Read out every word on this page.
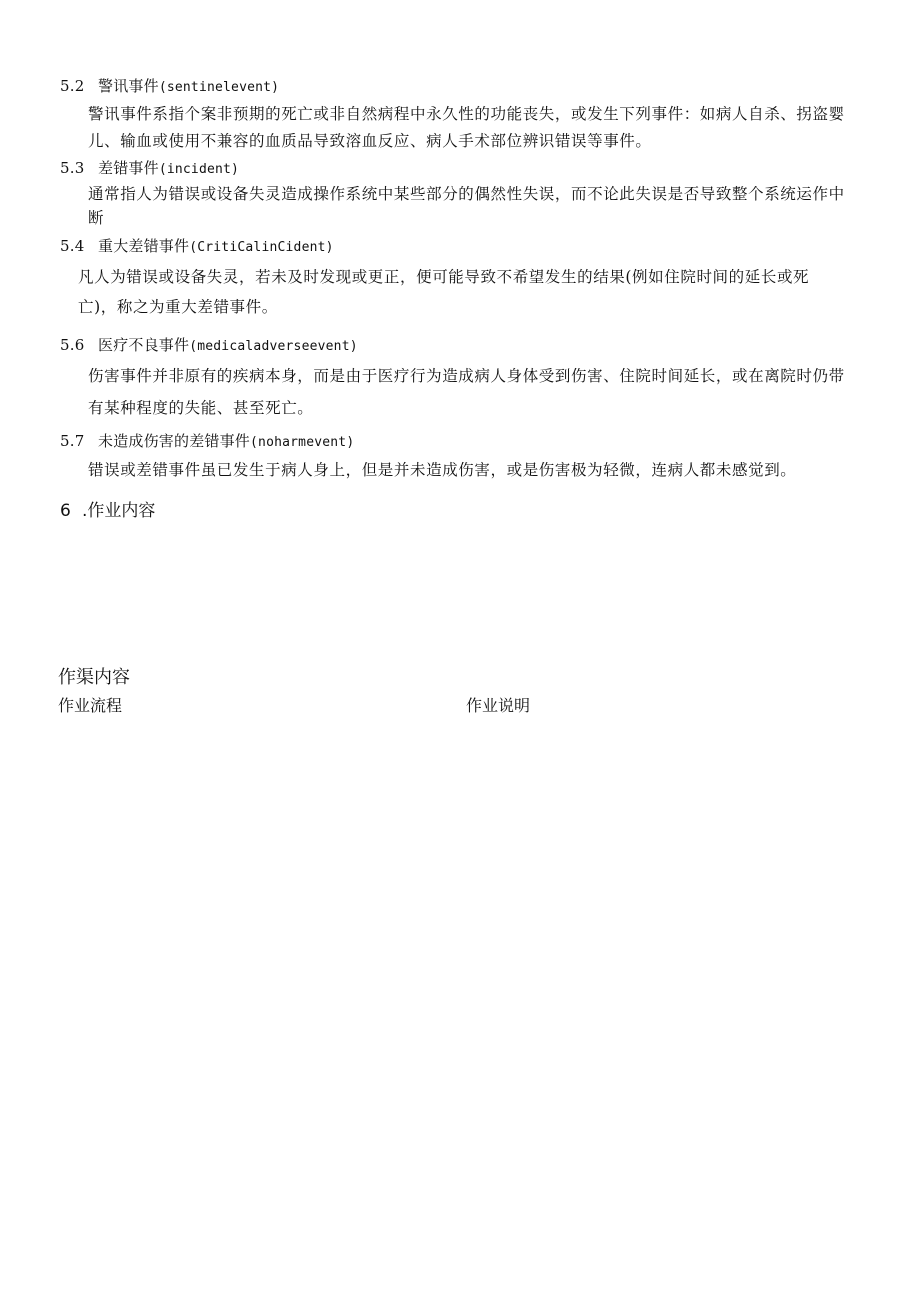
5.2 警讯事件(sentinelevent)
警讯事件系指个案非预期的死亡或非自然病程中永久性的功能丧失，或发生下列事件：如病人自杀、拐盗婴
儿、输血或使用不兼容的血质品导致溶血反应、病人手术部位辨识错误等事件。
5.3 差错事件(incident)
通常指人为错误或设备失灵造成操作系统中某些部分的偶然性失误，而不论此失误是否导致整个系统运作中
断
5.4 重大差错事件(CritiCalinCident)
凡人为错误或设备失灵，若未及时发现或更正，便可能导致不希望发生的结果(例如住院时间的延长或死
亡)，称之为重大差错事件。
5.6 医疗不良事件(medicaladverseevent)
伤害事件并非原有的疾病本身，而是由于医疗行为造成病人身体受到伤害、住院时间延长，或在离院时仍带
有某种程度的失能、甚至死亡。
5.7 未造成伤害的差错事件(noharmevent)
错误或差错事件虽已发生于病人身上，但是并未造成伤害，或是伤害极为轻微，连病人都未感觉到。
6 .作业内容
作渠内容
作业流程	作业说明
